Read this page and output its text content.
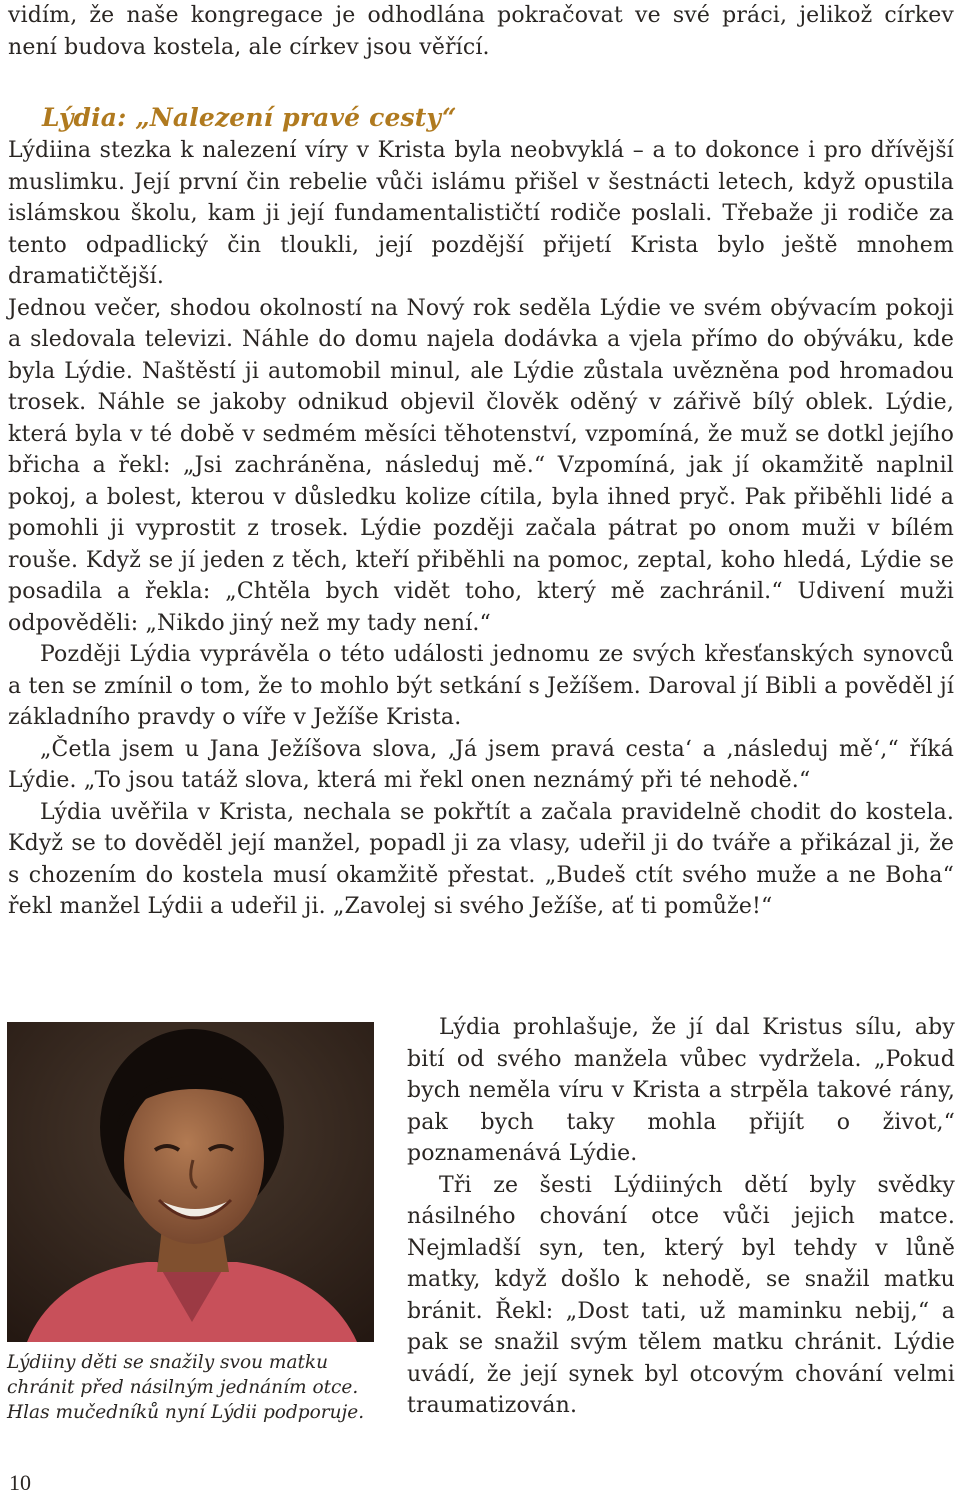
vidím, že naše kongregace je odhodlána pokračovat ve své práci, jelikož církev není budova kostela, ale církev jsou věřící.

Lýdia: „Nalezení pravé cesty“

Lýdiina stezka k nalezení víry v Krista byla neobvyklá – a to dokonce i pro dřívější muslimku. Její první čin rebelie vůči islámu přišel v šestnácti letech, když opustila islámskou školu, kam ji její fundamentalističtí rodiče poslali. Třebaže ji rodiče za tento odpadlický čin tloukli, její pozdější přijetí Krista bylo ještě mnohem dramatičtější.

Jednou večer, shodou okolností na Nový rok seděla Lýdie ve svém obývacím pokoji a sledovala televizi. Náhle do domu najela dodávka a vjela přímo do obýváku, kde byla Lýdie. Naštěstí ji automobil minul, ale Lýdie zůstala uvězněna pod hromadou trosek. Náhle se jakoby odnikud objevil člověk oděný v zářivě bílý oblek. Lýdie, která byla v té době v sedmém měsíci těhotenství, vzpomíná, že muž se dotkl jejího břicha a řekl: „Jsi zachráněna, následuj mě.“ Vzpomíná, jak jí okamžitě naplnil pokoj, a bolest, kterou v důsledku kolize cítila, byla ihned pryč. Pak přiběhli lidé a pomohli ji vyprostit z trosek. Lýdie později začala pátrat po onom muži v bílém rouše. Když se jí jeden z těch, kteří přiběhli na pomoc, zeptal, koho hledá, Lýdie se posadila a řekla: „Chtěla bych vidět toho, který mě zachránil.“ Udivení muži odpověděli: „Nikdo jiný než my tady není.“

Později Lýdia vyprávěla o této události jednomu ze svých křesťanských synovců a ten se zmínil o tom, že to mohlo být setkání s Ježíšem. Daroval jí Bibli a pověděl jí základního pravdy o víře v Ježíše Krista.

„Četla jsem u Jana Ježíšova slova, ‚Já jsem pravá cesta‘ a ‚následuj mě‘,“ říká Lýdie. „To jsou tatáž slova, která mi řekl onen neznámý při té nehodě.“

Lýdia uvěřila v Krista, nechala se pokřtít a začala pravidelně chodit do kostela. Když se to dověděl její manžel, popadl ji za vlasy, udeřil ji do tváře a přikázal ji, že s chozením do kostela musí okamžitě přestat. „Budeš ctít svého muže a ne Boha“ řekl manžel Lýdii a udeřil ji. „Zavolej si svého Ježíše, ať ti pomůže!“

Lýdiiny děti se snažily svou matku chránit před násilným jednáním otce. Hlas mučedníků nyní Lýdii podporuje.

Lýdia prohlašuje, že jí dal Kristus sílu, aby bití od svého manžela vůbec vydržela. „Pokud bych neměla víru v Krista a strpěla takové rány, pak bych taky mohla přijít o život,“ poznamenává Lýdie.

Tři ze šesti Lýdiiných dětí byly svědky násilného chování otce vůči jejich matce. Nejmladší syn, ten, který byl tehdy v lůně matky, když došlo k nehodě, se snažil matku bránit. Řekl: „Dost tati, už maminku nebij,“ a pak se snažil svým tělem matku chránit. Lýdie uvádí, že její synek byl otcovým chování velmi traumatizován.

10
